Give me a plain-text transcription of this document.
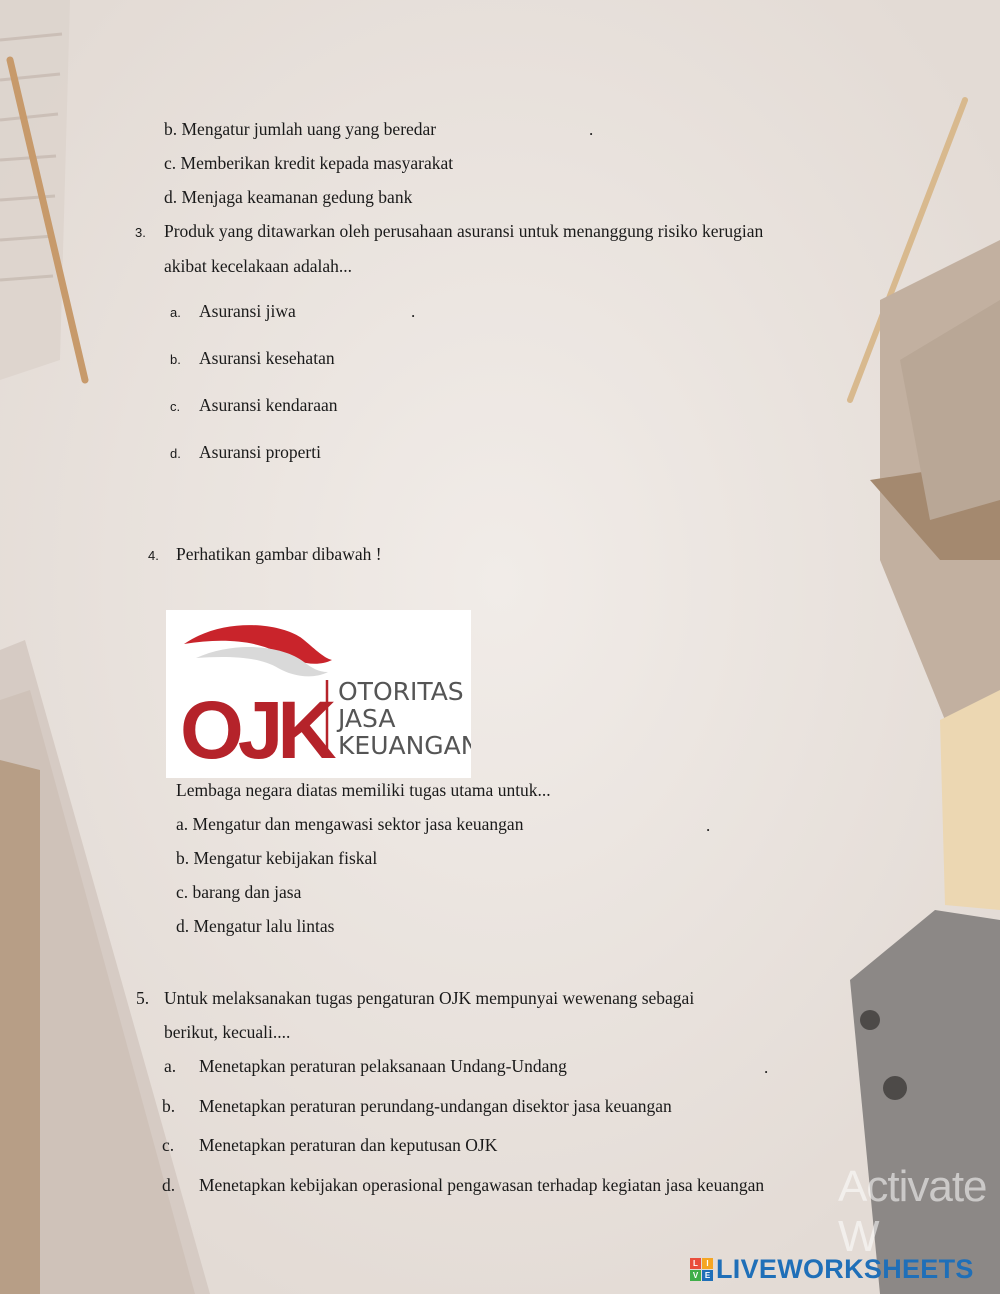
b. Mengatur jumlah uang yang beredar	.
c. Memberikan kredit kepada masyarakat
d. Menjaga keamanan gedung bank
3. Produk yang ditawarkan oleh perusahaan asuransi untuk menanggung risiko kerugian
akibat kecelakaan adalah...
a. Asuransi jiwa	.
b. Asuransi kesehatan
c. Asuransi kendaraan
d. Asuransi properti
4. Perhatikan gambar dibawah !
OJK OTORITAS
JASA
KEUANGAN
Lembaga negara diatas memiliki tugas utama untuk...
a. Mengatur dan mengawasi sektor jasa keuangan	.
b. Mengatur kebijakan fiskal
c. barang dan jasa
d. Mengatur lalu lintas
5. Untuk melaksanakan tugas pengaturan OJK mempunyai wewenang sebagai
berikut, kecuali....
a. Menetapkan peraturan pelaksanaan Undang-Undang	.
b. Menetapkan peraturan perundang-undangan disektor jasa keuangan
c. Menetapkan peraturan dan keputusan OJK
d. Menetapkan kebijakan operasional pengawasan terhadap kegiatan jasa keuangan Activate W
L	I
V E LIVEWORKSHEETS
